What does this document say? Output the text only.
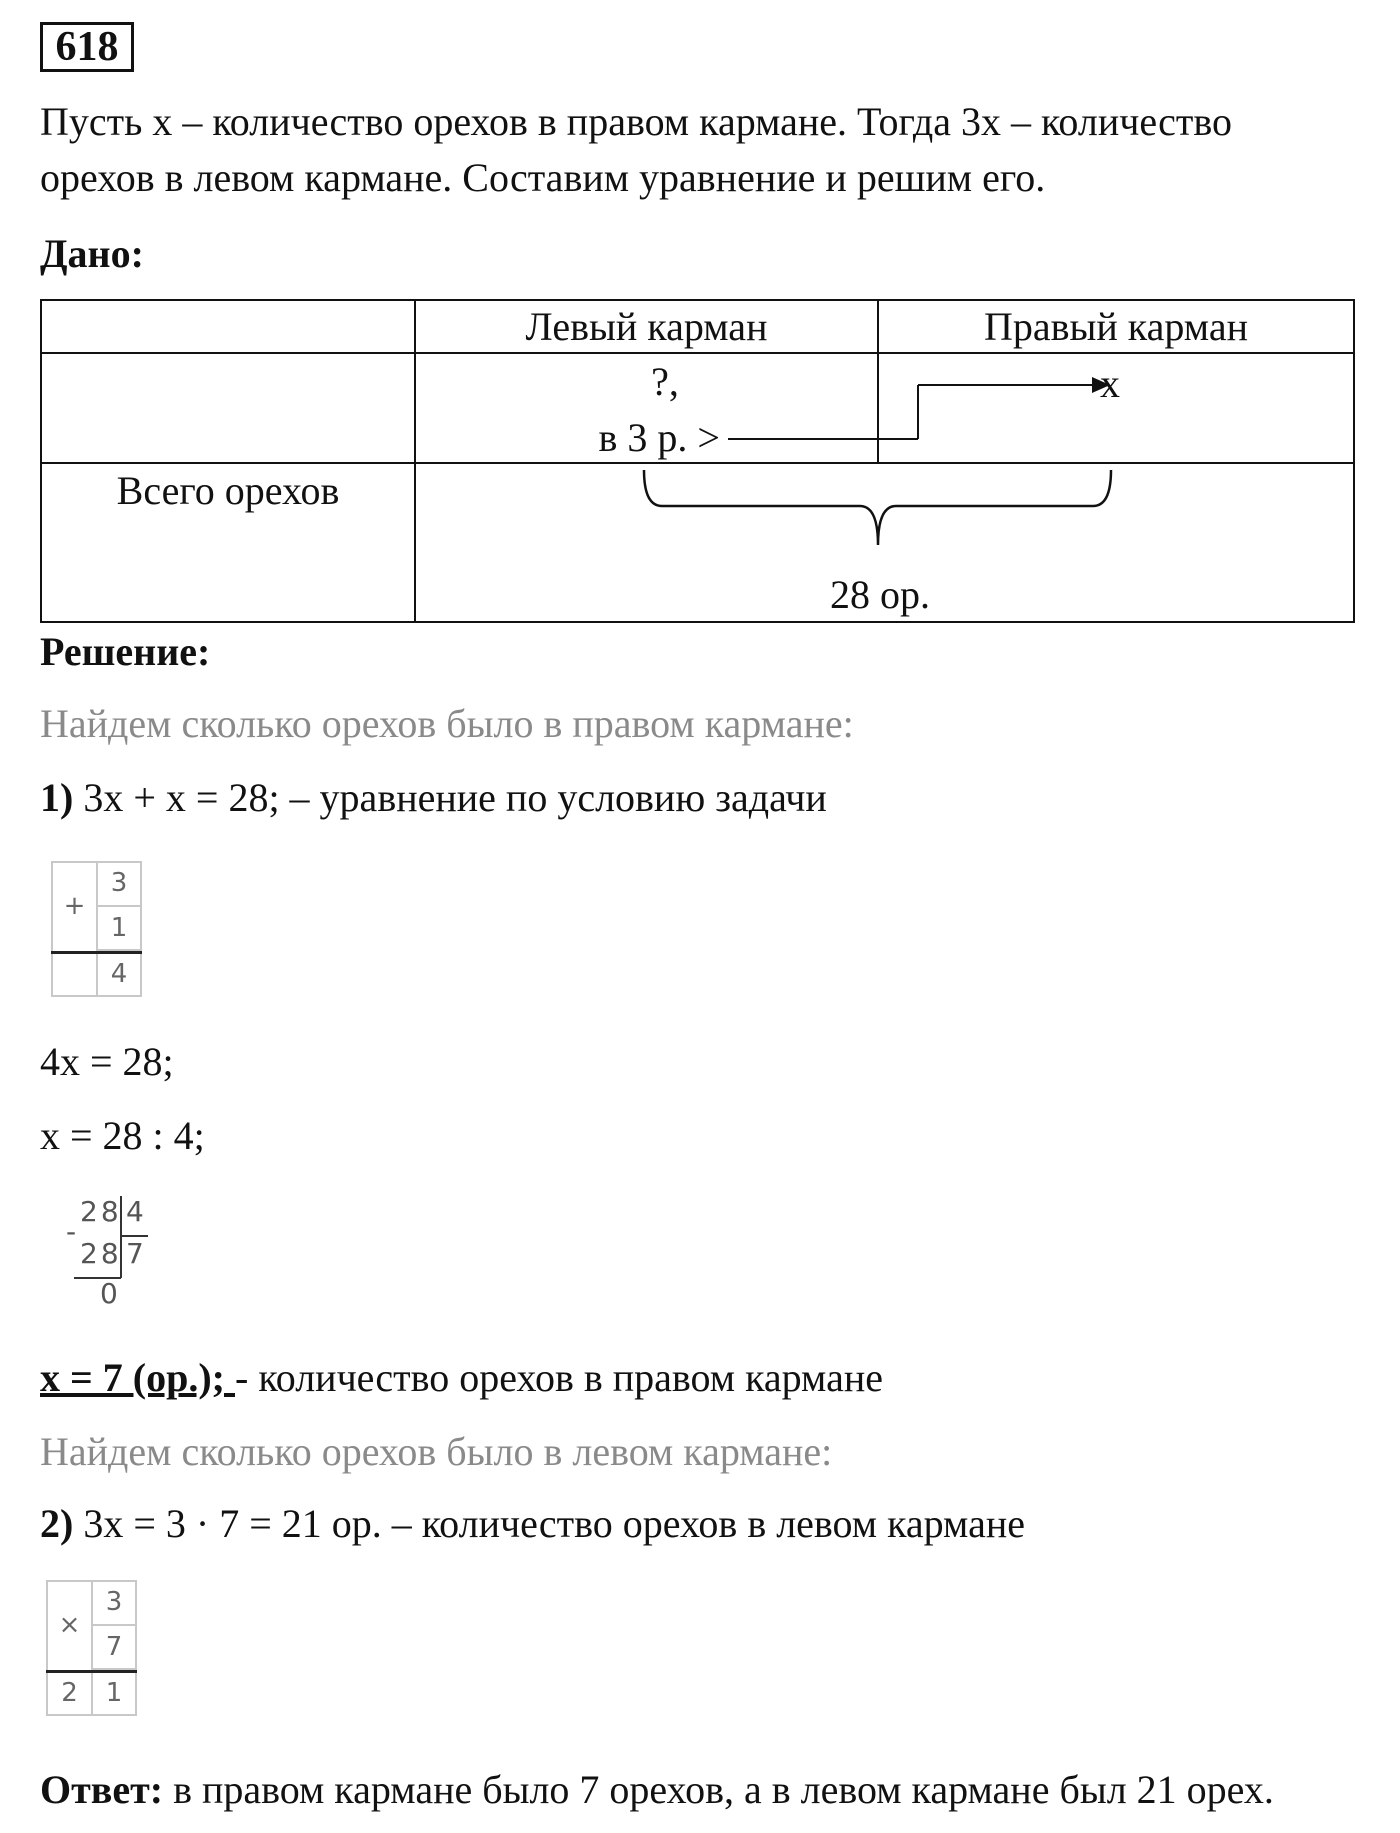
618
Пусть х – количество орехов в правом кармане. Тогда 3х – количество
орехов в левом кармане. Составим уравнение и решим его.
Дано:
Левый карман	Правый карман
?,
в 3 р. >
х
Всего орехов
28 ор.
Решение:
Найдем сколько орехов было в правом кармане:
1) 3х + х = 28; – уравнение по условию задачи
+
3
1
4
4х = 28;
х = 28 : 4;
-
28 4
28 7
0
х = 7 (ор.); - количество орехов в правом кармане
Найдем сколько орехов было в левом кармане:
2) 3х = 3 · 7 = 21 ор. – количество орехов в левом кармане
×
3
7
2	1
Ответ: в правом кармане было 7 орехов, а в левом кармане был 21 орех.
